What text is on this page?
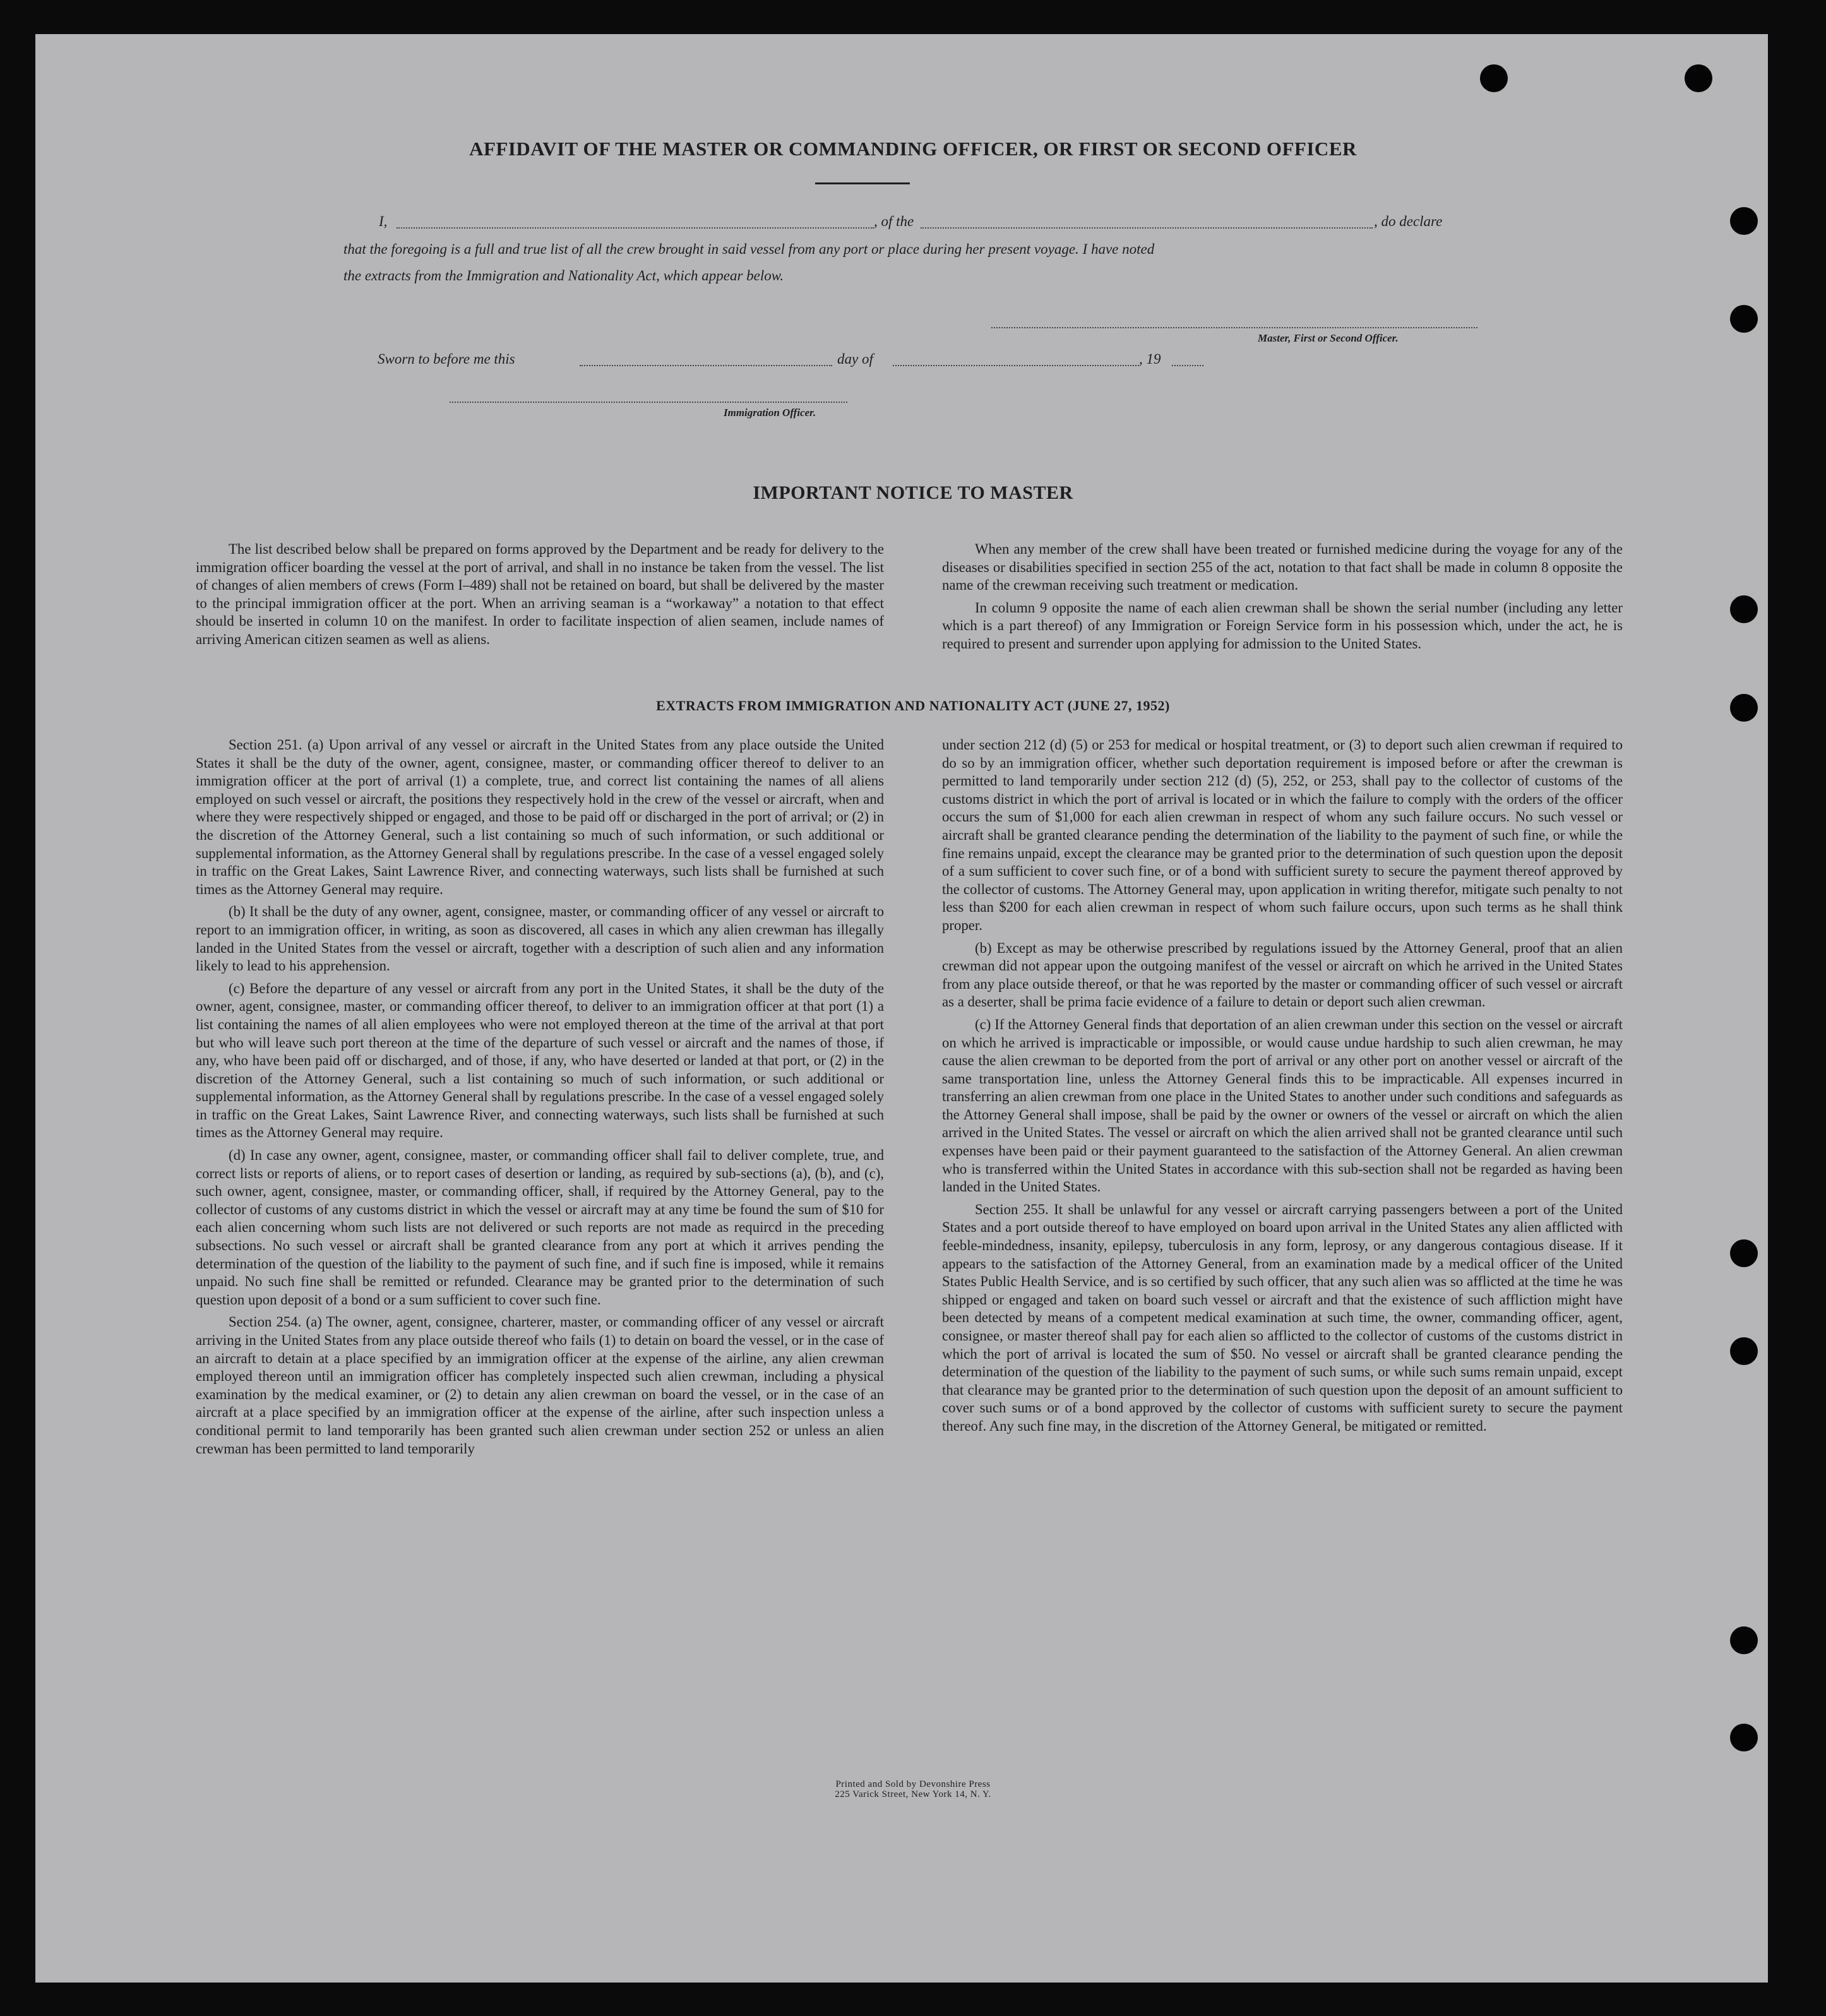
AFFIDAVIT OF THE MASTER OR COMMANDING OFFICER, OR FIRST OR SECOND OFFICER
I,	, of the	, do declare
that the foregoing is a full and true list of all the crew brought in said vessel from any port or place during her present voyage. I have noted
the extracts from the Immigration and Nationality Act, which appear below.
Master, First or Second Officer.
Sworn to before me this	day of	, 19
Immigration Officer.
IMPORTANT NOTICE TO MASTER

The list described below shall be prepared on forms approved by the Department and be ready for delivery to the immigration officer boarding the vessel at the port of arrival, and shall in no instance be taken from the vessel. The list of changes of alien members of crews (Form I–489) shall not be retained on board, but shall be delivered by the master to the principal immigration officer at the port. When an arriving seaman is a “workaway” a notation to that effect should be inserted in column 10 on the manifest. In order to facilitate inspection of alien seamen, include names of arriving American citizen seamen as well as aliens.

When any member of the crew shall have been treated or furnished medicine during the voyage for any of the diseases or disabilities specified in section 255 of the act, notation to that fact shall be made in column 8 opposite the name of the crewman receiving such treatment or medication.

In column 9 opposite the name of each alien crewman shall be shown the serial number (including any letter which is a part thereof) of any Immigration or Foreign Service form in his possession which, under the act, he is required to present and surrender upon applying for admission to the United States.

EXTRACTS FROM IMMIGRATION AND NATIONALITY ACT (JUNE 27, 1952)

Section 251. (a) Upon arrival of any vessel or aircraft in the United States from any place outside the United States it shall be the duty of the owner, agent, consignee, master, or commanding officer thereof to deliver to an immigration officer at the port of arrival (1) a complete, true, and correct list containing the names of all aliens employed on such vessel or aircraft, the positions they respectively hold in the crew of the vessel or aircraft, when and where they were respectively shipped or engaged, and those to be paid off or discharged in the port of arrival; or (2) in the discretion of the Attorney General, such a list containing so much of such information, or such additional or supplemental information, as the Attorney General shall by regulations prescribe. In the case of a vessel engaged solely in traffic on the Great Lakes, Saint Lawrence River, and connecting waterways, such lists shall be furnished at such times as the Attorney General may require.

(b) It shall be the duty of any owner, agent, consignee, master, or commanding officer of any vessel or aircraft to report to an immigration officer, in writing, as soon as discovered, all cases in which any alien crewman has illegally landed in the United States from the vessel or aircraft, together with a description of such alien and any information likely to lead to his apprehension.

(c) Before the departure of any vessel or aircraft from any port in the United States, it shall be the duty of the owner, agent, consignee, master, or commanding officer thereof, to deliver to an immigration officer at that port (1) a list containing the names of all alien employees who were not employed thereon at the time of the arrival at that port but who will leave such port thereon at the time of the departure of such vessel or aircraft and the names of those, if any, who have been paid off or discharged, and of those, if any, who have deserted or landed at that port, or (2) in the discretion of the Attorney General, such a list containing so much of such information, or such additional or supplemental information, as the Attorney General shall by regulations prescribe. In the case of a vessel engaged solely in traffic on the Great Lakes, Saint Lawrence River, and connecting waterways, such lists shall be furnished at such times as the Attorney General may require.

(d) In case any owner, agent, consignee, master, or commanding officer shall fail to deliver complete, true, and correct lists or reports of aliens, or to report cases of desertion or landing, as required by sub-sections (a), (b), and (c), such owner, agent, consignee, master, or commanding officer, shall, if required by the Attorney General, pay to the collector of customs of any customs district in which the vessel or aircraft may at any time be found the sum of $10 for each alien concerning whom such lists are not delivered or such reports are not made as requircd in the preceding subsections. No such vessel or aircraft shall be granted clearance from any port at which it arrives pending the determination of the question of the liability to the payment of such fine, and if such fine is imposed, while it remains unpaid. No such fine shall be remitted or refunded. Clearance may be granted prior to the determination of such question upon deposit of a bond or a sum sufficient to cover such fine.

Section 254. (a) The owner, agent, consignee, charterer, master, or commanding officer of any vessel or aircraft arriving in the United States from any place outside thereof who fails (1) to detain on board the vessel, or in the case of an aircraft to detain at a place specified by an immigration officer at the expense of the airline, any alien crewman employed thereon until an immigration officer has completely inspected such alien crewman, including a physical examination by the medical examiner, or (2) to detain any alien crewman on board the vessel, or in the case of an aircraft at a place specified by an immigration officer at the expense of the airline, after such inspection unless a conditional permit to land temporarily has been granted such alien crewman under section 252 or unless an alien crewman has been permitted to land temporarily

under section 212 (d) (5) or 253 for medical or hospital treatment, or (3) to deport such alien crewman if required to do so by an immigration officer, whether such deportation requirement is imposed before or after the crewman is permitted to land temporarily under section 212 (d) (5), 252, or 253, shall pay to the collector of customs of the customs district in which the port of arrival is located or in which the failure to comply with the orders of the officer occurs the sum of $1,000 for each alien crewman in respect of whom any such failure occurs. No such vessel or aircraft shall be granted clearance pending the determination of the liability to the payment of such fine, or while the fine remains unpaid, except the clearance may be granted prior to the determination of such question upon the deposit of a sum sufficient to cover such fine, or of a bond with sufficient surety to secure the payment thereof approved by the collector of customs. The Attorney General may, upon application in writing therefor, mitigate such penalty to not less than $200 for each alien crewman in respect of whom such failure occurs, upon such terms as he shall think proper.

(b) Except as may be otherwise prescribed by regulations issued by the Attorney General, proof that an alien crewman did not appear upon the outgoing manifest of the vessel or aircraft on which he arrived in the United States from any place outside thereof, or that he was reported by the master or commanding officer of such vessel or aircraft as a deserter, shall be prima facie evidence of a failure to detain or deport such alien crewman.

(c) If the Attorney General finds that deportation of an alien crewman under this section on the vessel or aircraft on which he arrived is impracticable or impossible, or would cause undue hardship to such alien crewman, he may cause the alien crewman to be deported from the port of arrival or any other port on another vessel or aircraft of the same transportation line, unless the Attorney General finds this to be impracticable. All expenses incurred in transferring an alien crewman from one place in the United States to another under such conditions and safeguards as the Attorney General shall impose, shall be paid by the owner or owners of the vessel or aircraft on which the alien arrived in the United States. The vessel or aircraft on which the alien arrived shall not be granted clearance until such expenses have been paid or their payment guaranteed to the satisfaction of the Attorney General. An alien crewman who is transferred within the United States in accordance with this sub-section shall not be regarded as having been landed in the United States.

Section 255. It shall be unlawful for any vessel or aircraft carrying passengers between a port of the United States and a port outside thereof to have employed on board upon arrival in the United States any alien afflicted with feeble-mindedness, insanity, epilepsy, tuberculosis in any form, leprosy, or any dangerous contagious disease. If it appears to the satisfaction of the Attorney General, from an examination made by a medical officer of the United States Public Health Service, and is so certified by such officer, that any such alien was so afflicted at the time he was shipped or engaged and taken on board such vessel or aircraft and that the existence of such affliction might have been detected by means of a competent medical examination at such time, the owner, commanding officer, agent, consignee, or master thereof shall pay for each alien so afflicted to the collector of customs of the customs district in which the port of arrival is located the sum of $50. No vessel or aircraft shall be granted clearance pending the determination of the question of the liability to the payment of such sums, or while such sums remain unpaid, except that clearance may be granted prior to the determination of such question upon the deposit of an amount sufficient to cover such sums or of a bond approved by the collector of customs with sufficient surety to secure the payment thereof. Any such fine may, in the discretion of the Attorney General, be mitigated or remitted.

Printed and Sold by Devonshire Press
225 Varick Street, New York 14, N. Y.
